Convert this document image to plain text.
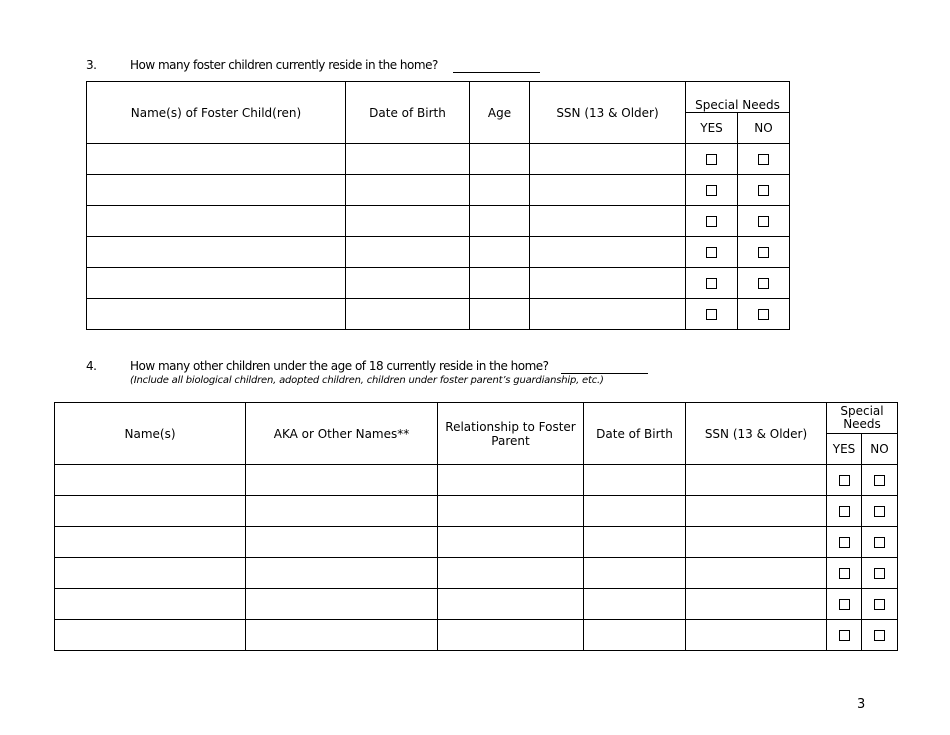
3.	How many foster children currently reside in the home?
Name(s) of Foster Child(ren)	Date of Birth	Age	SSN (13 & Older)	Special Needs	
				YES	NO

4.	How many other children under the age of 18 currently reside in the home?
(Include all biological children, adopted children, children under foster parent’s guardianship, etc.)
Name(s)	AKA or Other Names**	Relationship to Foster Parent	Date of Birth	SSN (13 & Older)	Special Needs	
					YES	NO

3
